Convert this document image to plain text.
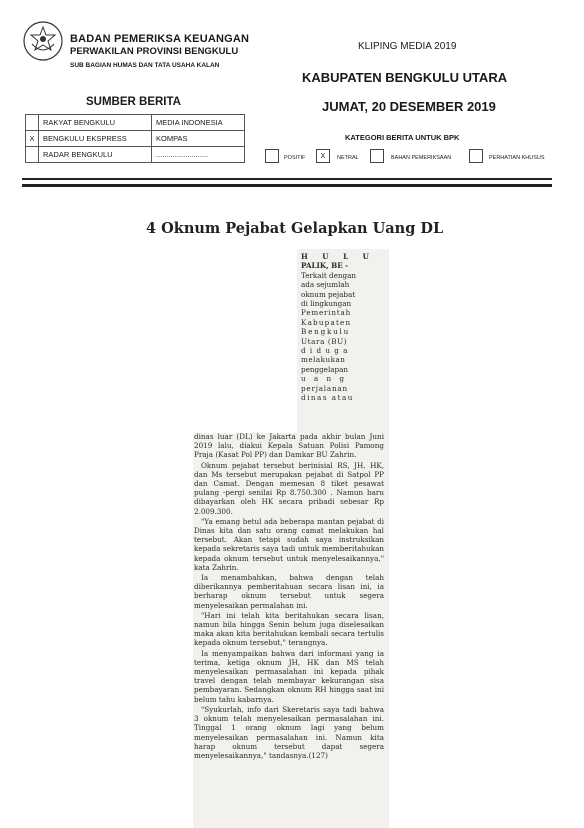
BADAN PEMERIKSA KEUANGAN
PERWAKILAN PROVINSI BENGKULU
SUB BAGIAN HUMAS DAN TATA USAHA KALAN
KLIPING MEDIA 2019
KABUPATEN BENGKULU UTARA
JUMAT, 20 DESEMBER 2019
SUMBER BERITA
	RAKYAT BENGKULU	MEDIA INDONESIA
X	BENGKULU EKSPRESS	KOMPAS
	RADAR BENGKULU	.........................
KATEGORI BERITA UNTUK BPK
POSITIF	X	NETRAL	BAHAN PEMERIKSAAN	PERHATIAN KHUSUS
4 Oknum Pejabat Gelapkan Uang DL
H U L U
PALIK, BE -
Terkait dengan
ada sejumlah
oknum pejabat
di lingkungan
Pemerintah
Kabupaten
Bengkulu
Utara (BU)
d i d u g a
melakukan
penggelapan
u a n g
perjalanan
dinas atau

dinas luar (DL) ke Jakarta pada akhir bulan Juni 2019 lalu, diakui Kepala Satuan Polisi Pamong Praja (Kasat Pol PP) dan Damkar BU Zahrin.

Oknum pejabat tersebut berinisial RS, JH, HK, dan Ms tersebut merupakan pejabat di Satpol PP dan Camat. Dengan memesan 8 tiket pesawat pulang -pergi senilai Rp 8.750.300 . Namun baru dibayarkan oleh HK secara pribadi sebesar Rp 2.009.300.

"Ya emang betul ada beberapa mantan pejabat di Dinas kita dan satu orang camat melakukan hal tersebut. Akan tetapi sudah saya instruksikan kepada sekretaris saya tadi untuk memberitahukan kepada oknum tersebut untuk menyelesaikannya," kata Zahrin.

Ia menambahkan, bahwa dengan telah diberikannya pemberitahuan secara lisan ini, ia berharap oknum tersebut untuk segera menyelesaikan permalahan ini.

"Hari ini telah kita beritahukan secara lisan, namun bila hingga Senin belum juga diselesaikan maka akan kita beritahukan kembali secara tertulis kepada oknum tersebut," terangnya.

Ia menyampaikan bahwa dari informasi yang ia terima, ketiga oknum JH, HK dan MS telah menyelesaikan permasalahan ini kepada pihak travel dengan telah membayar kekurangan sisa pembayaran. Sedangkan oknum RH hingga saat ini belum tahu kabarnya.

"Syukurlah, info dari Skeretaris saya tadi bahwa 3 oknum telah menyelesaikan permasalahan ini. Tinggal 1 orang oknum lagi yang belum menyelesaikan permasalahan ini. Namun kita harap oknum tersebut dapat segera menyelesaikannya," tandasnya.(127)
